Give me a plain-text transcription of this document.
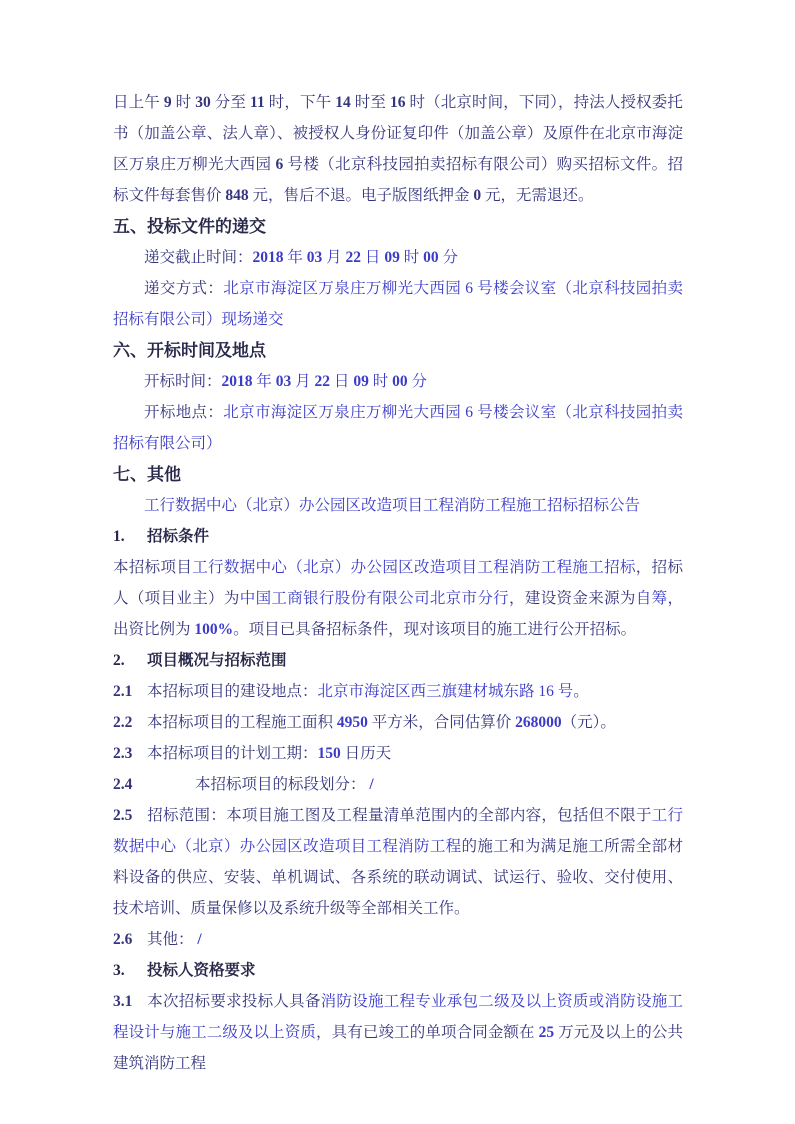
日上午 9 时 30 分至 11 时，下午 14 时至 16 时（北京时间，下同），持法人授权委托书（加盖公章、法人章）、被授权人身份证复印件（加盖公章）及原件在北京市海淀区万泉庄万柳光大西园 6 号楼（北京科技园拍卖招标有限公司）购买招标文件。招标文件每套售价 848 元，售后不退。电子版图纸押金 0 元，无需退还。

五、投标文件的递交

递交截止时间：2018 年 03 月 22 日 09 时 00 分

递交方式：北京市海淀区万泉庄万柳光大西园 6 号楼会议室（北京科技园拍卖招标有限公司）现场递交

六、开标时间及地点

开标时间：2018 年 03 月 22 日 09 时 00 分

开标地点：北京市海淀区万泉庄万柳光大西园 6 号楼会议室（北京科技园拍卖招标有限公司）

七、其他

工行数据中心（北京）办公园区改造项目工程消防工程施工招标招标公告

1. 招标条件

本招标项目工行数据中心（北京）办公园区改造项目工程消防工程施工招标，招标人（项目业主）为中国工商银行股份有限公司北京市分行，建设资金来源为自筹，出资比例为 100%。项目已具备招标条件，现对该项目的施工进行公开招标。

2. 项目概况与招标范围

2.1 本招标项目的建设地点：北京市海淀区西三旗建材城东路 16 号。

2.2 本招标项目的工程施工面积 4950 平方米，合同估算价 268000（元）。

2.3 本招标项目的计划工期：150 日历天

2.4	本招标项目的标段划分： /

2.5 招标范围：本项目施工图及工程量清单范围内的全部内容，包括但不限于工行数据中心（北京）办公园区改造项目工程消防工程的施工和为满足施工所需全部材料设备的供应、安装、单机调试、各系统的联动调试、试运行、验收、交付使用、技术培训、质量保修以及系统升级等全部相关工作。

2.6 其他： /

3. 投标人资格要求

3.1 本次招标要求投标人具备消防设施工程专业承包二级及以上资质或消防设施工程设计与施工二级及以上资质，具有已竣工的单项合同金额在 25 万元及以上的公共建筑消防工程
